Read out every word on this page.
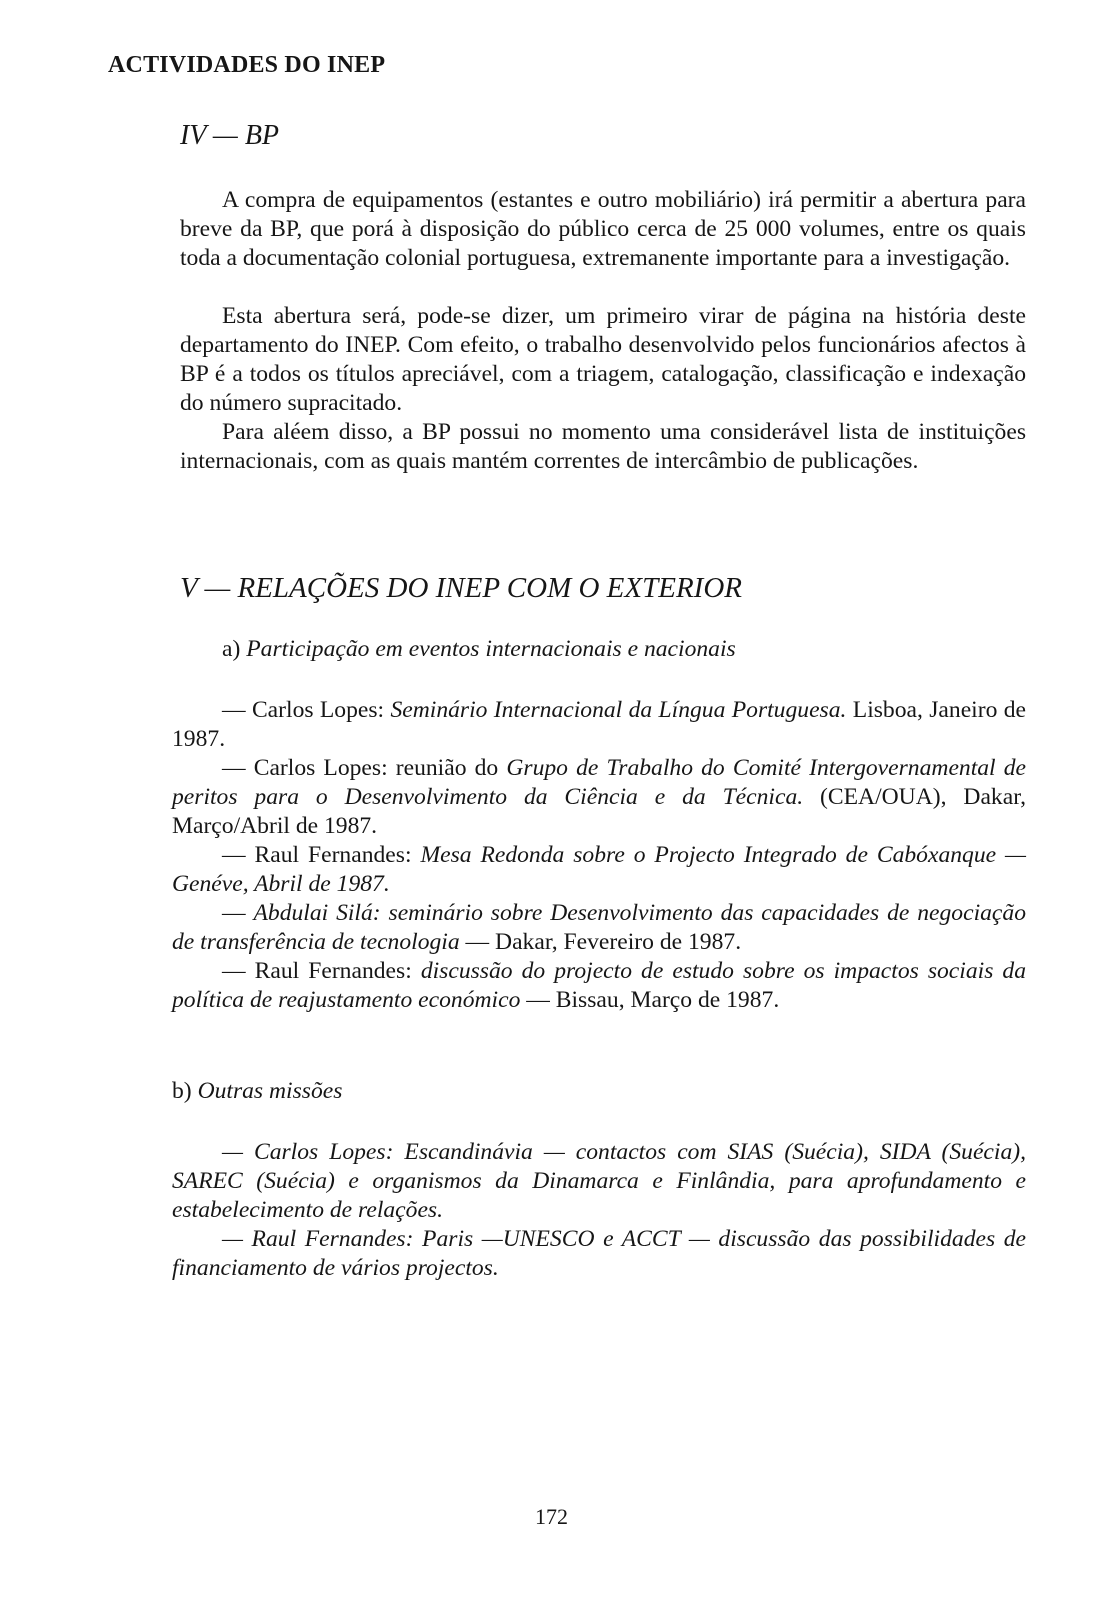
ACTIVIDADES DO INEP
IV — BP

A compra de equipamentos (estantes e outro mobiliário) irá permitir a abertura para breve da BP, que porá à disposição do público cerca de 25 000 volumes, entre os quais toda a documentação colonial portuguesa, extremanente importante para a investigação.

Esta abertura será, pode-se dizer, um primeiro virar de página na história deste departamento do INEP. Com efeito, o trabalho desenvolvido pelos funcionários afectos à BP é a todos os títulos apreciável, com a triagem, catalogação, classificação e indexação do número supracitado.

Para aléem disso, a BP possui no momento uma considerável lista de instituições internacionais, com as quais mantém correntes de intercâmbio de publicações.

V — RELAÇÕES DO INEP COM O EXTERIOR
a) Participação em eventos internacionais e nacionais
— Carlos Lopes: Seminário Internacional da Língua Portuguesa. Lisboa, Janeiro de 1987.
— Carlos Lopes: reunião do Grupo de Trabalho do Comité Intergovernamental de peritos para o Desenvolvimento da Ciência e da Técnica. (CEA/OUA), Dakar, Março/Abril de 1987.
— Raul Fernandes: Mesa Redonda sobre o Projecto Integrado de Cabóxanque — Genéve, Abril de 1987.
— Abdulai Silá: seminário sobre Desenvolvimento das capacidades de negociação de transferência de tecnologia — Dakar, Fevereiro de 1987.
— Raul Fernandes: discussão do projecto de estudo sobre os impactos sociais da política de reajustamento económico — Bissau, Março de 1987.
b) Outras missões
— Carlos Lopes: Escandinávia — contactos com SIAS (Suécia), SIDA (Suécia), SAREC (Suécia) e organismos da Dinamarca e Finlândia, para aprofundamento e estabelecimento de relações.
— Raul Fernandes: Paris —UNESCO e ACCT — discussão das possibilidades de financiamento de vários projectos.
172
